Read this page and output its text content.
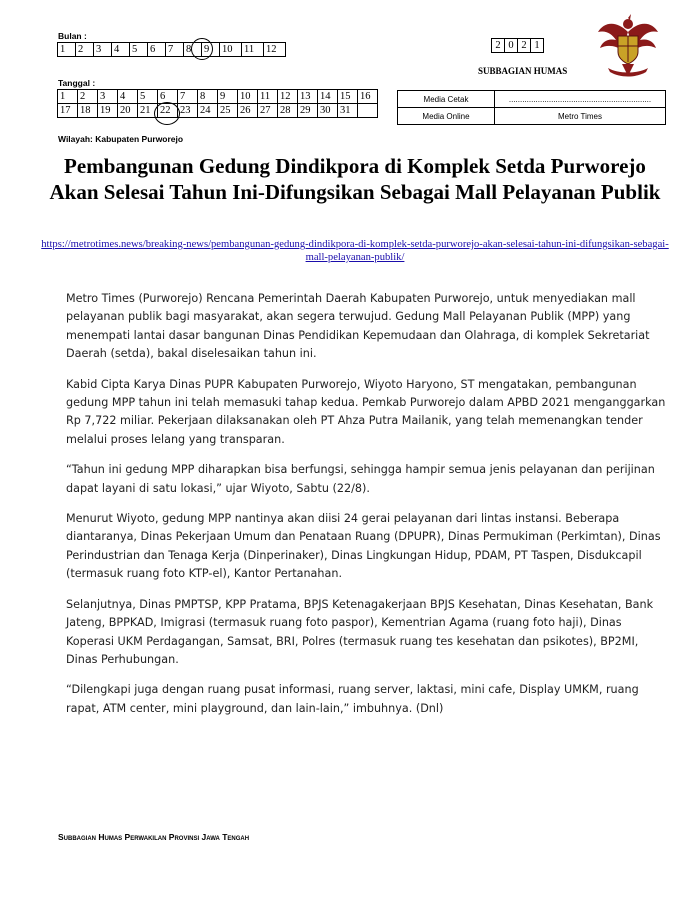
Bulan :
1	2	3	4	5	6	7	8	9	10	11	12
Tanggal :
1	2	3	4	5	6	7	8	9	10	11	12	13	14	15	16
17	18	19	20	21	22	23	24	25	26	27	28	29	30	31	
2	0	2	1
SUBBAGIAN HUMAS
Media Cetak	................................................................
Media Online	Metro Times
Wilayah: Kabupaten Purworejo
Pembangunan Gedung Dindikpora di Komplek Setda Purworejo Akan Selesai Tahun Ini-Difungsikan Sebagai Mall Pelayanan Publik
https://metrotimes.news/breaking-news/pembangunan-gedung-dindikpora-di-komplek-setda-purworejo-akan-selesai-tahun-ini-difungsikan-sebagai-mall-pelayanan-publik/

Metro Times (Purworejo) Rencana Pemerintah Daerah Kabupaten Purworejo, untuk menyediakan mall pelayanan publik bagi masyarakat, akan segera terwujud. Gedung Mall Pelayanan Publik (MPP) yang menempati lantai dasar bangunan Dinas Pendidikan Kepemudaan dan Olahraga, di komplek Sekretariat Daerah (setda), bakal diselesaikan tahun ini.

Kabid Cipta Karya Dinas PUPR Kabupaten Purworejo, Wiyoto Haryono, ST mengatakan, pembangunan gedung MPP tahun ini telah memasuki tahap kedua. Pemkab Purworejo dalam APBD 2021 menganggarkan Rp 7,722 miliar. Pekerjaan dilaksanakan oleh PT Ahza Putra Mailanik, yang telah memenangkan tender melalui proses lelang yang transparan.

“Tahun ini gedung MPP diharapkan bisa berfungsi, sehingga hampir semua jenis pelayanan dan perijinan dapat layani di satu lokasi,” ujar Wiyoto, Sabtu (22/8).

Menurut Wiyoto, gedung MPP nantinya akan diisi 24 gerai pelayanan dari lintas instansi. Beberapa diantaranya, Dinas Pekerjaan Umum dan Penataan Ruang (DPUPR), Dinas Permukiman (Perkimtan), Dinas Perindustrian dan Tenaga Kerja (Dinperinaker), Dinas Lingkungan Hidup, PDAM, PT Taspen, Disdukcapil (termasuk ruang foto KTP-el), Kantor Pertanahan.

Selanjutnya, Dinas PMPTSP, KPP Pratama, BPJS Ketenagakerjaan BPJS Kesehatan, Dinas Kesehatan, Bank Jateng, BPPKAD, Imigrasi (termasuk ruang foto paspor), Kementrian Agama (ruang foto haji), Dinas Koperasi UKM Perdagangan, Samsat, BRI, Polres (termasuk ruang tes kesehatan dan psikotes), BP2MI, Dinas Perhubungan.

“Dilengkapi juga dengan ruang pusat informasi, ruang server, laktasi, mini cafe, Display UMKM, ruang rapat, ATM center, mini playground, dan lain-lain,” imbuhnya. (Dnl)

Subbagian Humas Perwakilan Provinsi Jawa Tengah
